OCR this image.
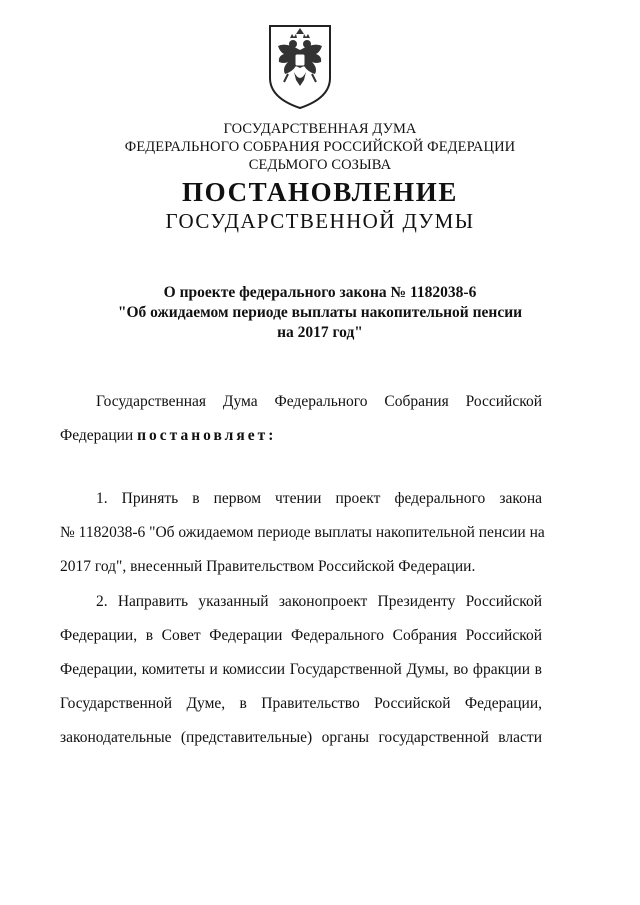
ГОСУДАРСТВЕННАЯ ДУМА
ФЕДЕРАЛЬНОГО СОБРАНИЯ РОССИЙСКОЙ ФЕДЕРАЦИИ
СЕДЬМОГО СОЗЫВА
ПОСТАНОВЛЕНИЕ
ГОСУДАРСТВЕННОЙ ДУМЫ
О проекте федерального закона № 1182038-6
"Об ожидаемом периоде выплаты накопительной пенсии
на 2017 год"
Государственная Дума Федерального Собрания Российской
Федерации постановляет:
1. Принять в первом чтении проект федерального закона
№ 1182038-6 "Об ожидаемом периоде выплаты накопительной пенсии на
2017 год", внесенный Правительством Российской Федерации.
2. Направить указанный законопроект Президенту Российской
Федерации, в Совет Федерации Федерального Собрания Российской
Федерации, комитеты и комиссии Государственной Думы, во фракции в
Государственной Думе, в Правительство Российской Федерации,
законодательные (представительные) органы государственной власти
